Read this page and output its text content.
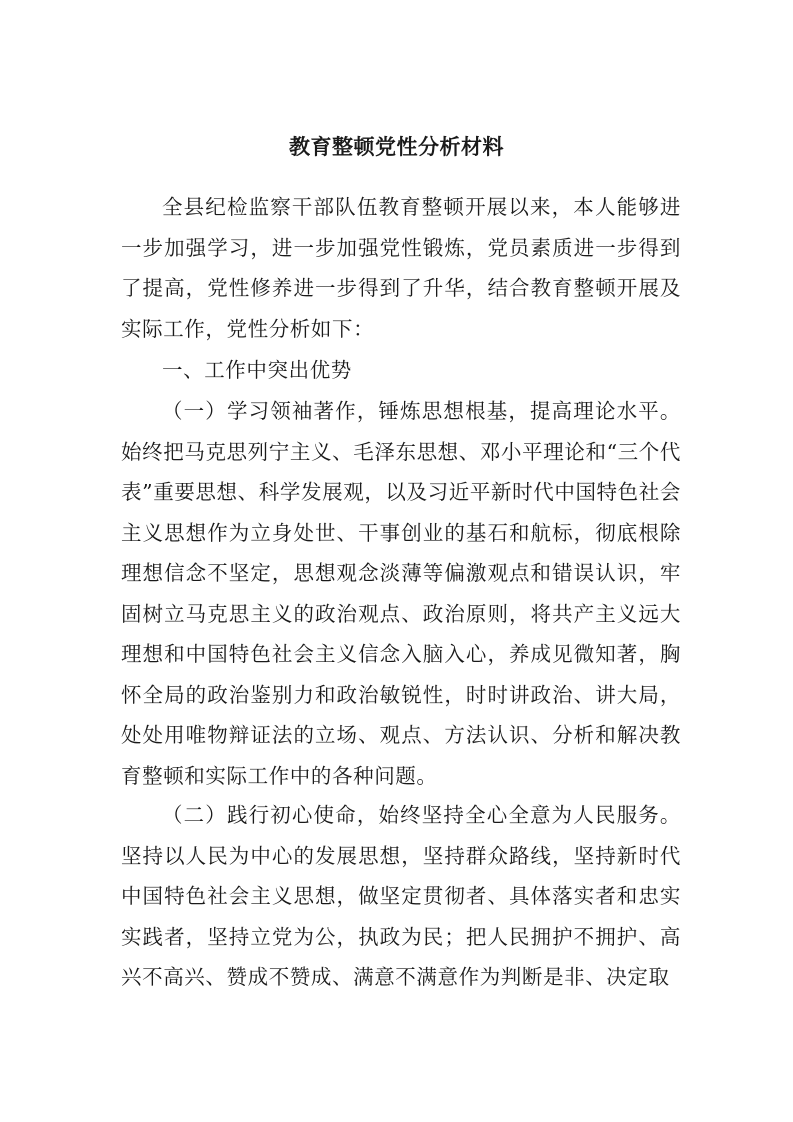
教育整顿党性分析材料

全县纪检监察干部队伍教育整顿开展以来，本人能够进一步加强学习，进一步加强党性锻炼，党员素质进一步得到了提高，党性修养进一步得到了升华，结合教育整顿开展及实际工作，党性分析如下：

一、工作中突出优势

（一）学习领袖著作，锤炼思想根基，提高理论水平。始终把马克思列宁主义、毛泽东思想、邓小平理论和“三个代表”重要思想、科学发展观，以及习近平新时代中国特色社会主义思想作为立身处世、干事创业的基石和航标，彻底根除理想信念不坚定，思想观念淡薄等偏激观点和错误认识，牢固树立马克思主义的政治观点、政治原则，将共产主义远大理想和中国特色社会主义信念入脑入心，养成见微知著，胸怀全局的政治鉴别力和政治敏锐性，时时讲政治、讲大局，处处用唯物辩证法的立场、观点、方法认识、分析和解决教育整顿和实际工作中的各种问题。

（二）践行初心使命，始终坚持全心全意为人民服务。坚持以人民为中心的发展思想，坚持群众路线，坚持新时代中国特色社会主义思想，做坚定贯彻者、具体落实者和忠实实践者，坚持立党为公，执政为民；把人民拥护不拥护、高兴不高兴、赞成不赞成、满意不满意作为判断是非、决定取
